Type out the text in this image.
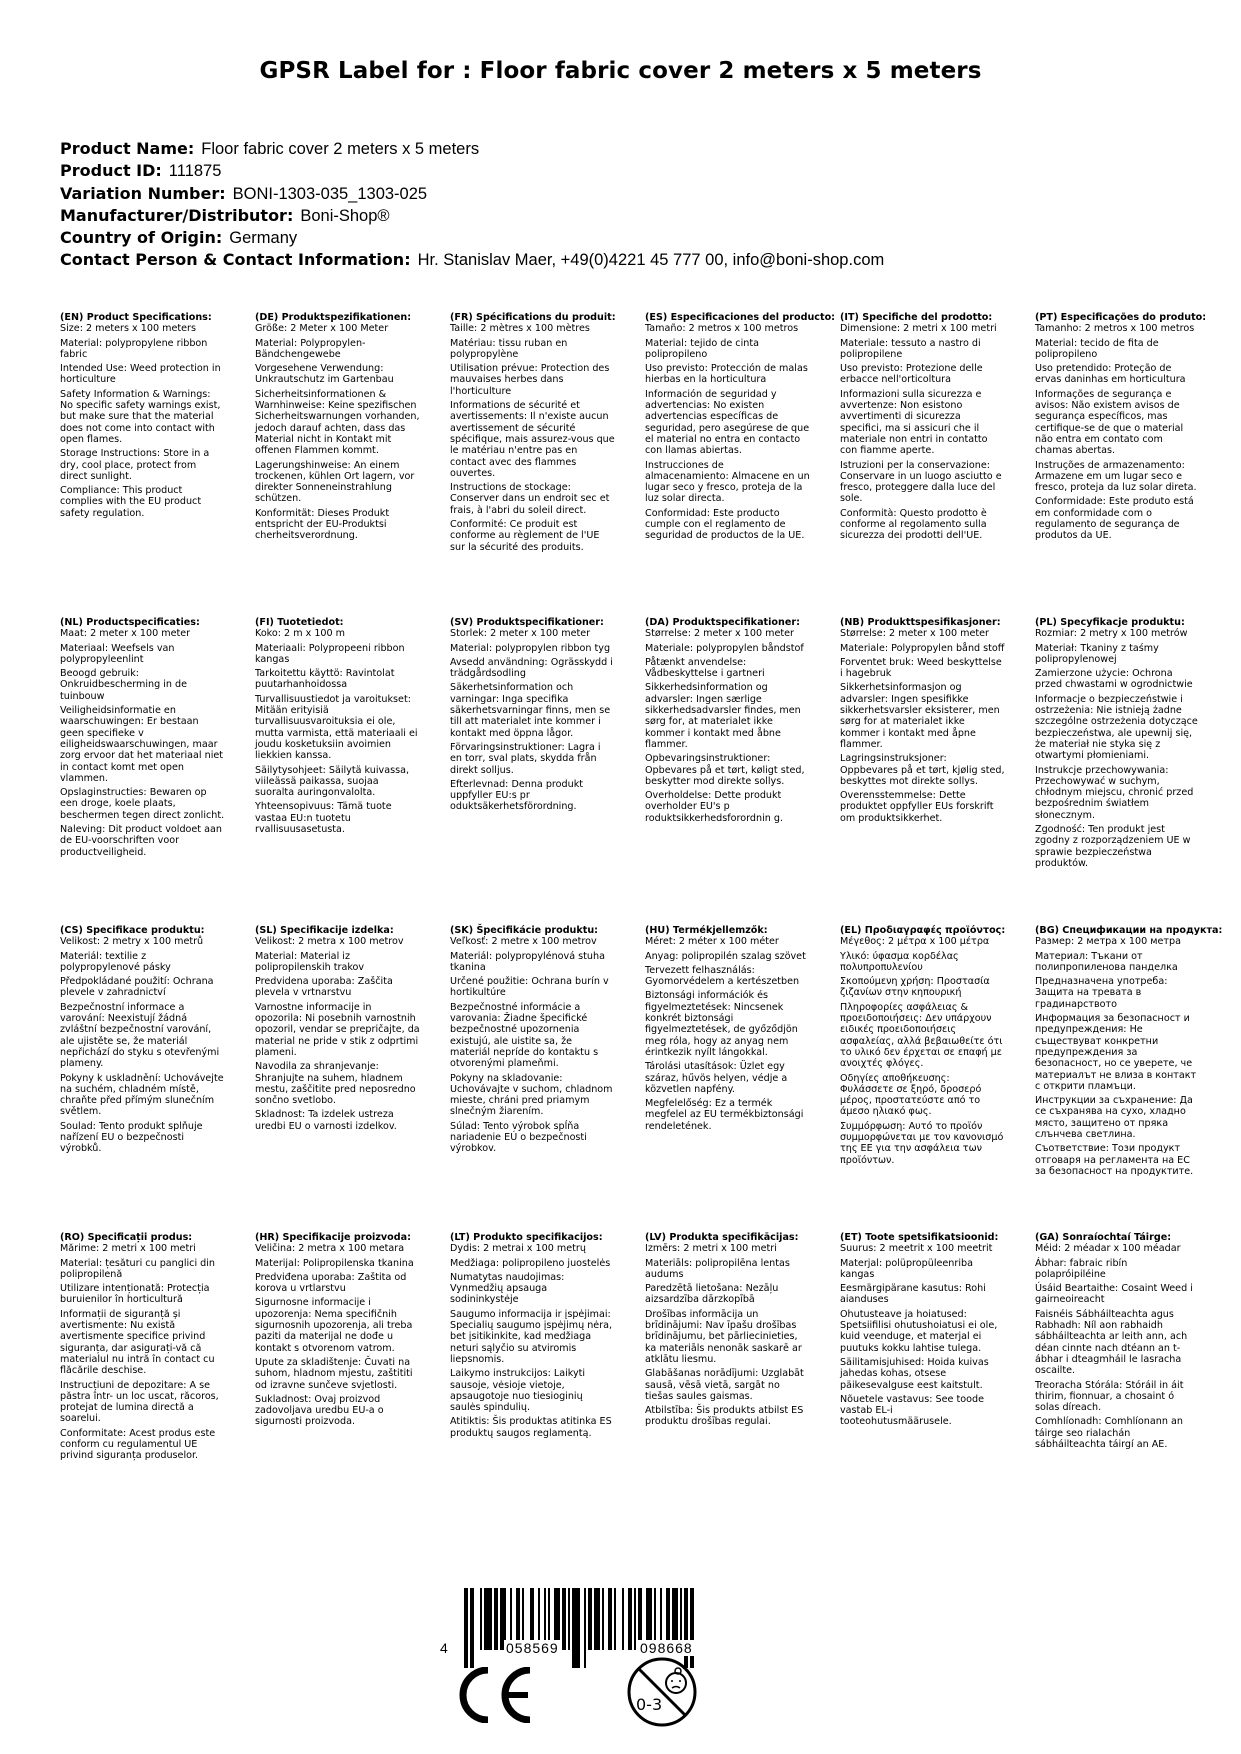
GPSR Label for : Floor fabric cover 2 meters x 5 meters
Product Name: Floor fabric cover 2 meters x 5 meters
Product ID: 111875
Variation Number: BONI-1303-035_1303-025
Manufacturer/Distributor: Boni-Shop®
Country of Origin: Germany
Contact Person & Contact Information: Hr. Stanislav Maer, +49(0)4221 45 777 00, info@boni-shop.com
(EN) Product Specifications:
Size: 2 meters x 100 meters
Material: polypropylene ribbon fabric
Intended Use: Weed protection in horticulture
Safety Information & Warnings: No specific safety warnings exist, but make sure that the material does not come into contact with open flames.
Storage Instructions: Store in a dry, cool place, protect from direct sunlight.
Compliance: This product complies with the EU product safety regulation.
(DE) Produktspezifikationen:
Größe: 2 Meter x 100 Meter
Material: Polypropylen-Bändchengewebe
Vorgesehene Verwendung: Unkrautschutz im Gartenbau
Sicherheitsinformationen & Warnhinweise: Keine spezifischen Sicherheitswarnungen vorhanden, jedoch darauf achten, dass das Material nicht in Kontakt mit offenen Flammen kommt.
Lagerungshinweise: An einem trockenen, kühlen Ort lagern, vor direkter Sonneneinstrahlung schützen.
Konformität: Dieses Produkt entspricht der EU-Produktsi cherheitsverordnung.
(FR) Spécifications du produit:
Taille: 2 mètres x 100 mètres
Matériau: tissu ruban en polypropylène
Utilisation prévue: Protection des mauvaises herbes dans l'horticulture
Informations de sécurité et avertissements: Il n'existe aucun avertissement de sécurité spécifique, mais assurez-vous que le matériau n'entre pas en contact avec des flammes ouvertes.
Instructions de stockage: Conserver dans un endroit sec et frais, à l'abri du soleil direct.
Conformité: Ce produit est conforme au règlement de l'UE sur la sécurité des produits.
(ES) Especificaciones del producto:
Tamaño: 2 metros x 100 metros
Material: tejido de cinta polipropileno
Uso previsto: Protección de malas hierbas en la horticultura
Información de seguridad y advertencias: No existen advertencias específicas de seguridad, pero asegúrese de que el material no entra en contacto con llamas abiertas.
Instrucciones de almacenamiento: Almacene en un lugar seco y fresco, proteja de la luz solar directa.
Conformidad: Este producto cumple con el reglamento de seguridad de productos de la UE.
(IT) Specifiche del prodotto:
Dimensione: 2 metri x 100 metri
Materiale: tessuto a nastro di polipropilene
Uso previsto: Protezione delle erbacce nell'orticoltura
Informazioni sulla sicurezza e avvertenze: Non esistono avvertimenti di sicurezza specifici, ma si assicuri che il materiale non entri in contatto con fiamme aperte.
Istruzioni per la conservazione: Conservare in un luogo asciutto e fresco, proteggere dalla luce del sole.
Conformità: Questo prodotto è conforme al regolamento sulla sicurezza dei prodotti dell'UE.
(PT) Especificações do produto:
Tamanho: 2 metros x 100 metros
Material: tecido de fita de polipropileno
Uso pretendido: Proteção de ervas daninhas em horticultura
Informações de segurança e avisos: Não existem avisos de segurança específicos, mas certifique-se de que o material não entra em contato com chamas abertas.
Instruções de armazenamento: Armazene em um lugar seco e fresco, proteja da luz solar direta.
Conformidade: Este produto está em conformidade com o regulamento de segurança de produtos da UE.
(NL) Productspecificaties:
Maat: 2 meter x 100 meter
Materiaal: Weefsels van polypropyleenlint
Beoogd gebruik: Onkruidbescherming in de tuinbouw
Veiligheidsinformatie en waarschuwingen: Er bestaan geen specifieke v eiligheidswaarschuwingen, maar zorg ervoor dat het materiaal niet in contact komt met open vlammen.
Opslaginstructies: Bewaren op een droge, koele plaats, beschermen tegen direct zonlicht.
Naleving: Dit product voldoet aan de EU-voorschriften voor productveiligheid.
(FI) Tuotetiedot:
Koko: 2 m x 100 m
Materiaali: Polypropeeni ribbon kangas
Tarkoitettu käyttö: Ravintolat puutarhanhoidossa
Turvallisuustiedot ja varoitukset: Mitään erityisiä turvallisuusvaroituksia ei ole, mutta varmista, että materiaali ei joudu kosketuksiin avoimien liekkien kanssa.
Säilytysohjeet: Säilytä kuivassa, viileässä paikassa, suojaa suoralta auringonvalolta.
Yhteensopivuus: Tämä tuote vastaa EU:n tuotetu rvallisuusasetusta.
(SV) Produktspecifikationer:
Storlek: 2 meter x 100 meter
Material: polypropylen ribbon tyg
Avsedd användning: Ogrässkydd i trädgårdsodling
Säkerhetsinformation och varningar: Inga specifika säkerhetsvarningar finns, men se till att materialet inte kommer i kontakt med öppna lågor.
Förvaringsinstruktioner: Lagra i en torr, sval plats, skydda från direkt solljus.
Efterlevnad: Denna produkt uppfyller EU:s pr oduktsäkerhetsförordning.
(DA) Produktspecifikationer:
Størrelse: 2 meter x 100 meter
Materiale: polypropylen båndstof
Påtænkt anvendelse: Vådbeskyttelse i gartneri
Sikkerhedsinformation og advarsler: Ingen særlige sikkerhedsadvarsler findes, men sørg for, at materialet ikke kommer i kontakt med åbne flammer.
Opbevaringsinstruktioner: Opbevares på et tørt, køligt sted, beskytter mod direkte sollys.
Overholdelse: Dette produkt overholder EU's p roduktsikkerhedsforordnin g.
(NB) Produkttspesifikasjoner:
Størrelse: 2 meter x 100 meter
Materiale: Polypropylen bånd stoff
Forventet bruk: Weed beskyttelse i hagebruk
Sikkerhetsinformasjon og advarsler: Ingen spesifikke sikkerhetsvarsler eksisterer, men sørg for at materialet ikke kommer i kontakt med åpne flammer.
Lagringsinstruksjoner: Oppbevares på et tørt, kjølig sted, beskyttes mot direkte sollys.
Overensstemmelse: Dette produktet oppfyller EUs forskrift om produktsikkerhet.
(PL) Specyfikacje produktu:
Rozmiar: 2 metry x 100 metrów
Materiał: Tkaniny z taśmy polipropylenowej
Zamierzone użycie: Ochrona przed chwastami w ogrodnictwie
Informacje o bezpieczeństwie i ostrzeżenia: Nie istnieją żadne szczególne ostrzeżenia dotyczące bezpieczeństwa, ale upewnij się, że materiał nie styka się z otwartymi płomieniami.
Instrukcje przechowywania: Przechowywać w suchym, chłodnym miejscu, chronić przed bezpośrednim światłem słonecznym.
Zgodność: Ten produkt jest zgodny z rozporządzeniem UE w sprawie bezpieczeństwa produktów.
(CS) Specifikace produktu:
Velikost: 2 metry x 100 metrů
Materiál: textilie z polypropylenové pásky
Předpokládané použití: Ochrana plevele v zahradnictví
Bezpečnostní informace a varování: Neexistují žádná zvláštní bezpečnostní varování, ale ujistěte se, že materiál nepřichází do styku s otevřenými plameny.
Pokyny k uskladnění: Uchovávejte na suchém, chladném místě, chraňte před přímým slunečním světlem.
Soulad: Tento produkt splňuje nařízení EU o bezpečnosti výrobků.
(SL) Specifikacije izdelka:
Velikost: 2 metra x 100 metrov
Material: Material iz polipropilenskih trakov
Predvidena uporaba: Zaščita plevela v vrtnarstvu
Varnostne informacije in opozorila: Ni posebnih varnostnih opozoril, vendar se prepričajte, da material ne pride v stik z odprtimi plameni.
Navodila za shranjevanje: Shranjujte na suhem, hladnem mestu, zaščitite pred neposredno sončno svetlobo.
Skladnost: Ta izdelek ustreza uredbi EU o varnosti izdelkov.
(SK) Špecifikácie produktu:
Veľkosť: 2 metre x 100 metrov
Materiál: polypropylénová stuha tkanina
Určené použitie: Ochrana burín v hortikultúre
Bezpečnostné informácie a varovania: Žiadne špecifické bezpečnostné upozornenia existujú, ale uistite sa, že materiál nepríde do kontaktu s otvorenými plameňmi.
Pokyny na skladovanie: Uchovávajte v suchom, chladnom mieste, chráni pred priamym slnečným žiarením.
Súlad: Tento výrobok spĺňa nariadenie EÚ o bezpečnosti výrobkov.
(HU) Termékjellemzők:
Méret: 2 méter x 100 méter
Anyag: polipropilén szalag szövet
Tervezett felhasználás: Gyomorvédelem a kertészetben
Biztonsági információk és figyelmeztetések: Nincsenek konkrét biztonsági figyelmeztetések, de győződjön meg róla, hogy az anyag nem érintkezik nyílt lángokkal.
Tárolási utasítások: Üzlet egy száraz, hűvös helyen, védje a közvetlen napfény.
Megfelelőség: Ez a termék megfelel az EU termékbiztonsági rendeletének.
(EL) Προδιαγραφές προϊόντος:
Μέγεθος: 2 μέτρα x 100 μέτρα
Υλικό: ύφασμα κορδέλας πολυπροπυλενίου
Σκοπούμενη χρήση: Προστασία ζιζανίων στην κηπουρική
Πληροφορίες ασφάλειας & προειδοποιήσεις: Δεν υπάρχουν ειδικές προειδοποιήσεις ασφαλείας, αλλά βεβαιωθείτε ότι το υλικό δεν έρχεται σε επαφή με ανοιχτές φλόγες.
Οδηγίες αποθήκευσης: Φυλάσσετε σε ξηρό, δροσερό μέρος, προστατεύστε από το άμεσο ηλιακό φως.
Συμμόρφωση: Αυτό το προϊόν συμμορφώνεται με τον κανονισμό της ΕΕ για την ασφάλεια των προϊόντων.
(BG) Спецификации на продукта:
Размер: 2 метра x 100 метра
Материал: Тъкани от полипропиленова панделка
Предназначена употреба: Защита на тревата в градинарството
Информация за безопасност и предупреждения: Не съществуват конкретни предупреждения за безопасност, но се уверете, че материалът не влиза в контакт с открити пламъци.
Инструкции за съхранение: Да се съхранява на сухо, хладно място, защитено от пряка слънчева светлина.
Съответствие: Този продукт отговаря на регламента на ЕС за безопасност на продуктите.
(RO) Specificații produs:
Mărime: 2 metri x 100 metri
Material: țesături cu panglici din polipropilenă
Utilizare intenționată: Protecția buruienilor în horticultură
Informații de siguranță și avertismente: Nu există avertismente specifice privind siguranța, dar asigurați-vă că materialul nu intră în contact cu flăcările deschise.
Instrucțiuni de depozitare: A se păstra într- un loc uscat, răcoros, protejat de lumina directă a soarelui.
Conformitate: Acest produs este conform cu regulamentul UE privind siguranța produselor.
(HR) Specifikacije proizvoda:
Veličina: 2 metra x 100 metara
Materijal: Polipropilenska tkanina
Predviđena uporaba: Zaštita od korova u vrtlarstvu
Sigurnosne informacije i upozorenja: Nema specifičnih sigurnosnih upozorenja, ali treba paziti da materijal ne dođe u kontakt s otvorenom vatrom.
Upute za skladištenje: Čuvati na suhom, hladnom mjestu, zaštititi od izravne sunčeve svjetlosti.
Sukladnost: Ovaj proizvod zadovoljava uredbu EU-a o sigurnosti proizvoda.
(LT) Produkto specifikacijos:
Dydis: 2 metrai x 100 metrų
Medžiaga: polipropileno juostelės
Numatytas naudojimas: Vynmedžių apsauga sodininkystėje
Saugumo informacija ir įspėjimai: Specialių saugumo įspėjimų nėra, bet įsitikinkite, kad medžiaga neturi sąlyčio su atviromis liepsnomis.
Laikymo instrukcijos: Laikyti sausoje, vėsioje vietoje, apsaugotoje nuo tiesioginių saulės spindulių.
Atitiktis: Šis produktas atitinka ES produktų saugos reglamentą.
(LV) Produkta specifikācijas:
Izmērs: 2 metri x 100 metri
Materiāls: polipropilēna lentas audums
Paredzētā lietošana: Nezāļu aizsardzība dārzkopībā
Drošības informācija un brīdinājumi: Nav īpašu drošības brīdinājumu, bet pārliecinieties, ka materiāls nenonāk saskarē ar atklātu liesmu.
Glabāšanas norādījumi: Uzglabāt sausā, vēsā vietā, sargāt no tiešas saules gaismas.
Atbilstība: Šis produkts atbilst ES produktu drošības regulai.
(ET) Toote spetsifikatsioonid:
Suurus: 2 meetrit x 100 meetrit
Materjal: polüpropüleenriba kangas
Eesmärgipärane kasutus: Rohi aianduses
Ohutusteave ja hoiatused: Spetsiifilisi ohutushoiatusi ei ole, kuid veenduge, et materjal ei puutuks kokku lahtise tulega.
Säilitamisjuhised: Hoida kuivas jahedas kohas, otsese päikesevalguse eest kaitstult.
Nõuetele vastavus: See toode vastab EL-i tooteohutusmäärusele.
(GA) Sonraíochtaí Táirge:
Méid: 2 méadar x 100 méadar
Ábhar: fabraic ribín polapróipiléine
Úsáid Beartaithe: Cosaint Weed i gairneoireacht
Faisnéis Sábháilteachta agus Rabhadh: Níl aon rabhaidh sábháilteachta ar leith ann, ach déan cinnte nach dtéann an t-ábhar i dteagmháil le lasracha oscailte.
Treoracha Stórála: Stóráil in áit thirim, fionnuar, a chosaint ó solas díreach.
Comhlíonadh: Comhlíonann an táirge seo rialachán sábháilteachta táirgí an AE.
4	058569	098668
0-3
